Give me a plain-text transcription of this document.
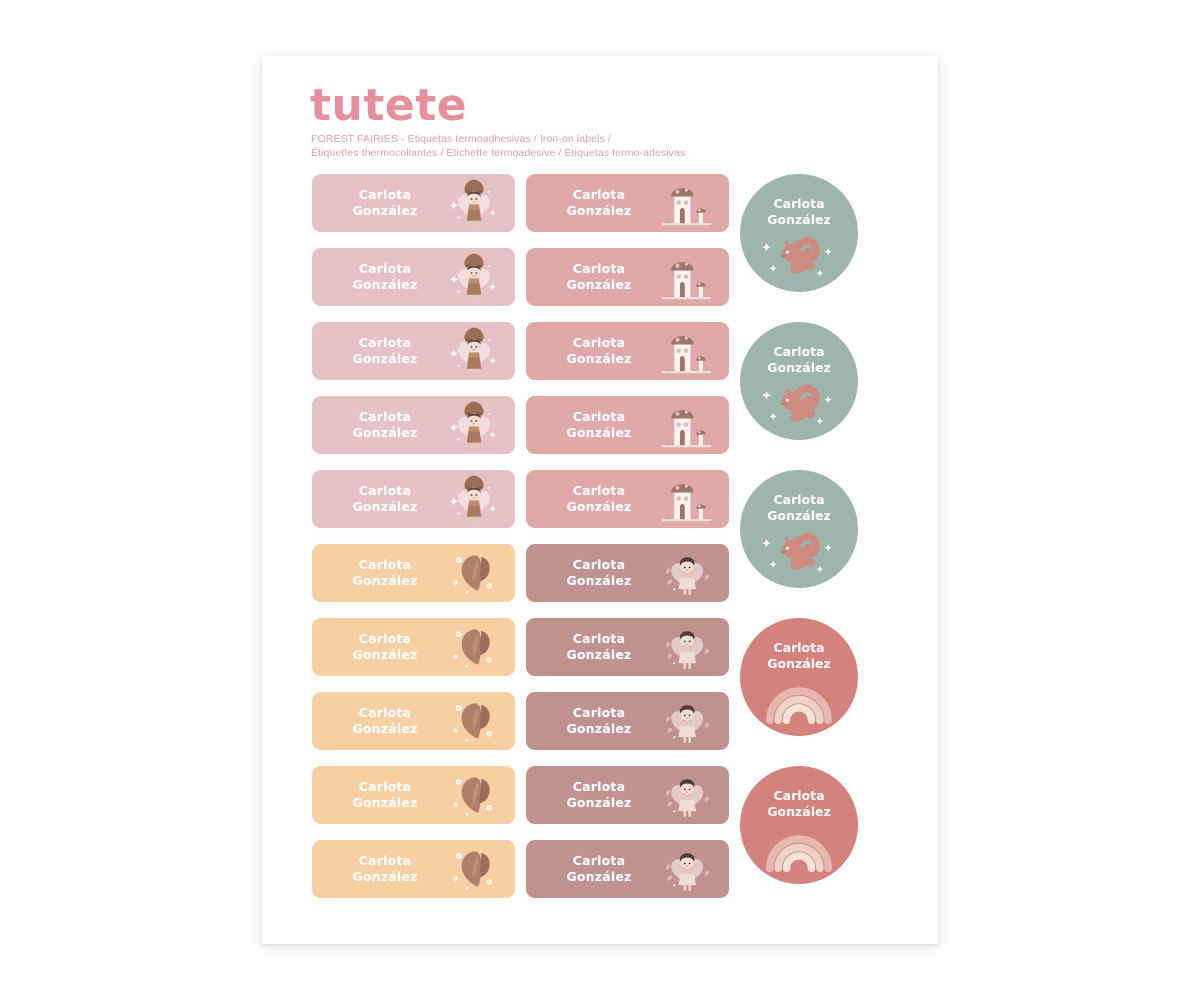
tutete
FOREST FAIRIES - Etiquetas termoadhesivas / Iron-on labels /
Étiquettes thermocollantes / Etichette termoadesive / Etiquetas termo-adesivas
Carlota
González
Carlota
González
Carlota
González
Carlota
González
Carlota
González
Carlota
González
Carlota
González
Carlota
González
Carlota
González
Carlota
González
Carlota
González
Carlota
González
Carlota
González
Carlota
González
Carlota
González
Carlota
González
Carlota
González
Carlota
González
Carlota
González
Carlota
González
Carlota
González
Carlota
González
Carlota
González
Carlota
González
Carlota
González
